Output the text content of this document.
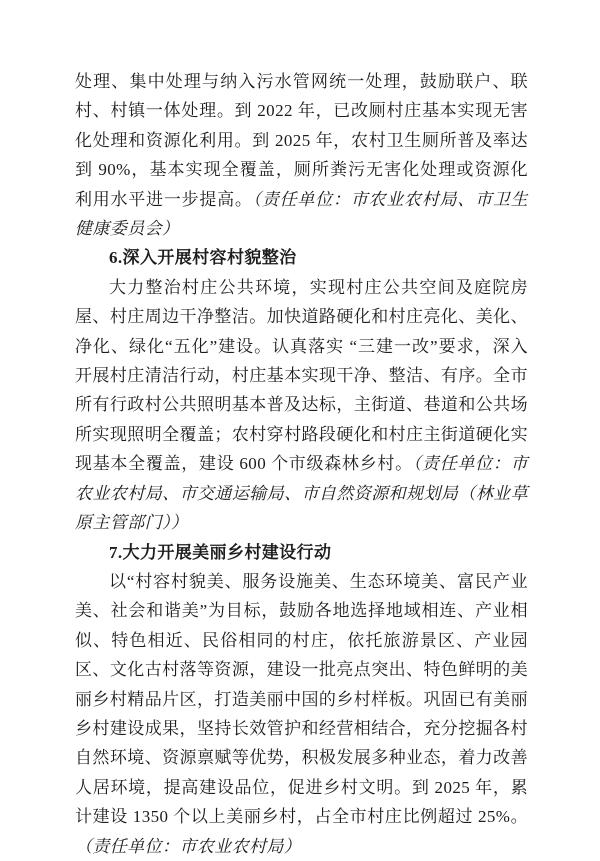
处理、集中处理与纳入污水管网统一处理，鼓励联户、联村、村镇一体处理。到 2022 年，已改厕村庄基本实现无害化处理和资源化利用。到 2025 年，农村卫生厕所普及率达到 90%，基本实现全覆盖，厕所粪污无害化处理或资源化利用水平进一步提高。（责任单位：市农业农村局、市卫生健康委员会）

6.深入开展村容村貌整治

大力整治村庄公共环境，实现村庄公共空间及庭院房屋、村庄周边干净整洁。加快道路硬化和村庄亮化、美化、净化、绿化“五化”建设。认真落实 “三建一改”要求，深入开展村庄清洁行动，村庄基本实现干净、整洁、有序。全市所有行政村公共照明基本普及达标，主街道、巷道和公共场所实现照明全覆盖；农村穿村路段硬化和村庄主街道硬化实现基本全覆盖，建设 600 个市级森林乡村。（责任单位：市农业农村局、市交通运输局、市自然资源和规划局（林业草原主管部门））

7.大力开展美丽乡村建设行动

以“村容村貌美、服务设施美、生态环境美、富民产业美、社会和谐美”为目标，鼓励各地选择地域相连、产业相似、特色相近、民俗相同的村庄，依托旅游景区、产业园区、文化古村落等资源，建设一批亮点突出、特色鲜明的美丽乡村精品片区，打造美丽中国的乡村样板。巩固已有美丽乡村建设成果，坚持长效管护和经营相结合，充分挖掘各村自然环境、资源禀赋等优势，积极发展多种业态，着力改善人居环境，提高建设品位，促进乡村文明。到 2025 年，累计建设 1350 个以上美丽乡村，占全市村庄比例超过 25%。（责任单位：市农业农村局）
